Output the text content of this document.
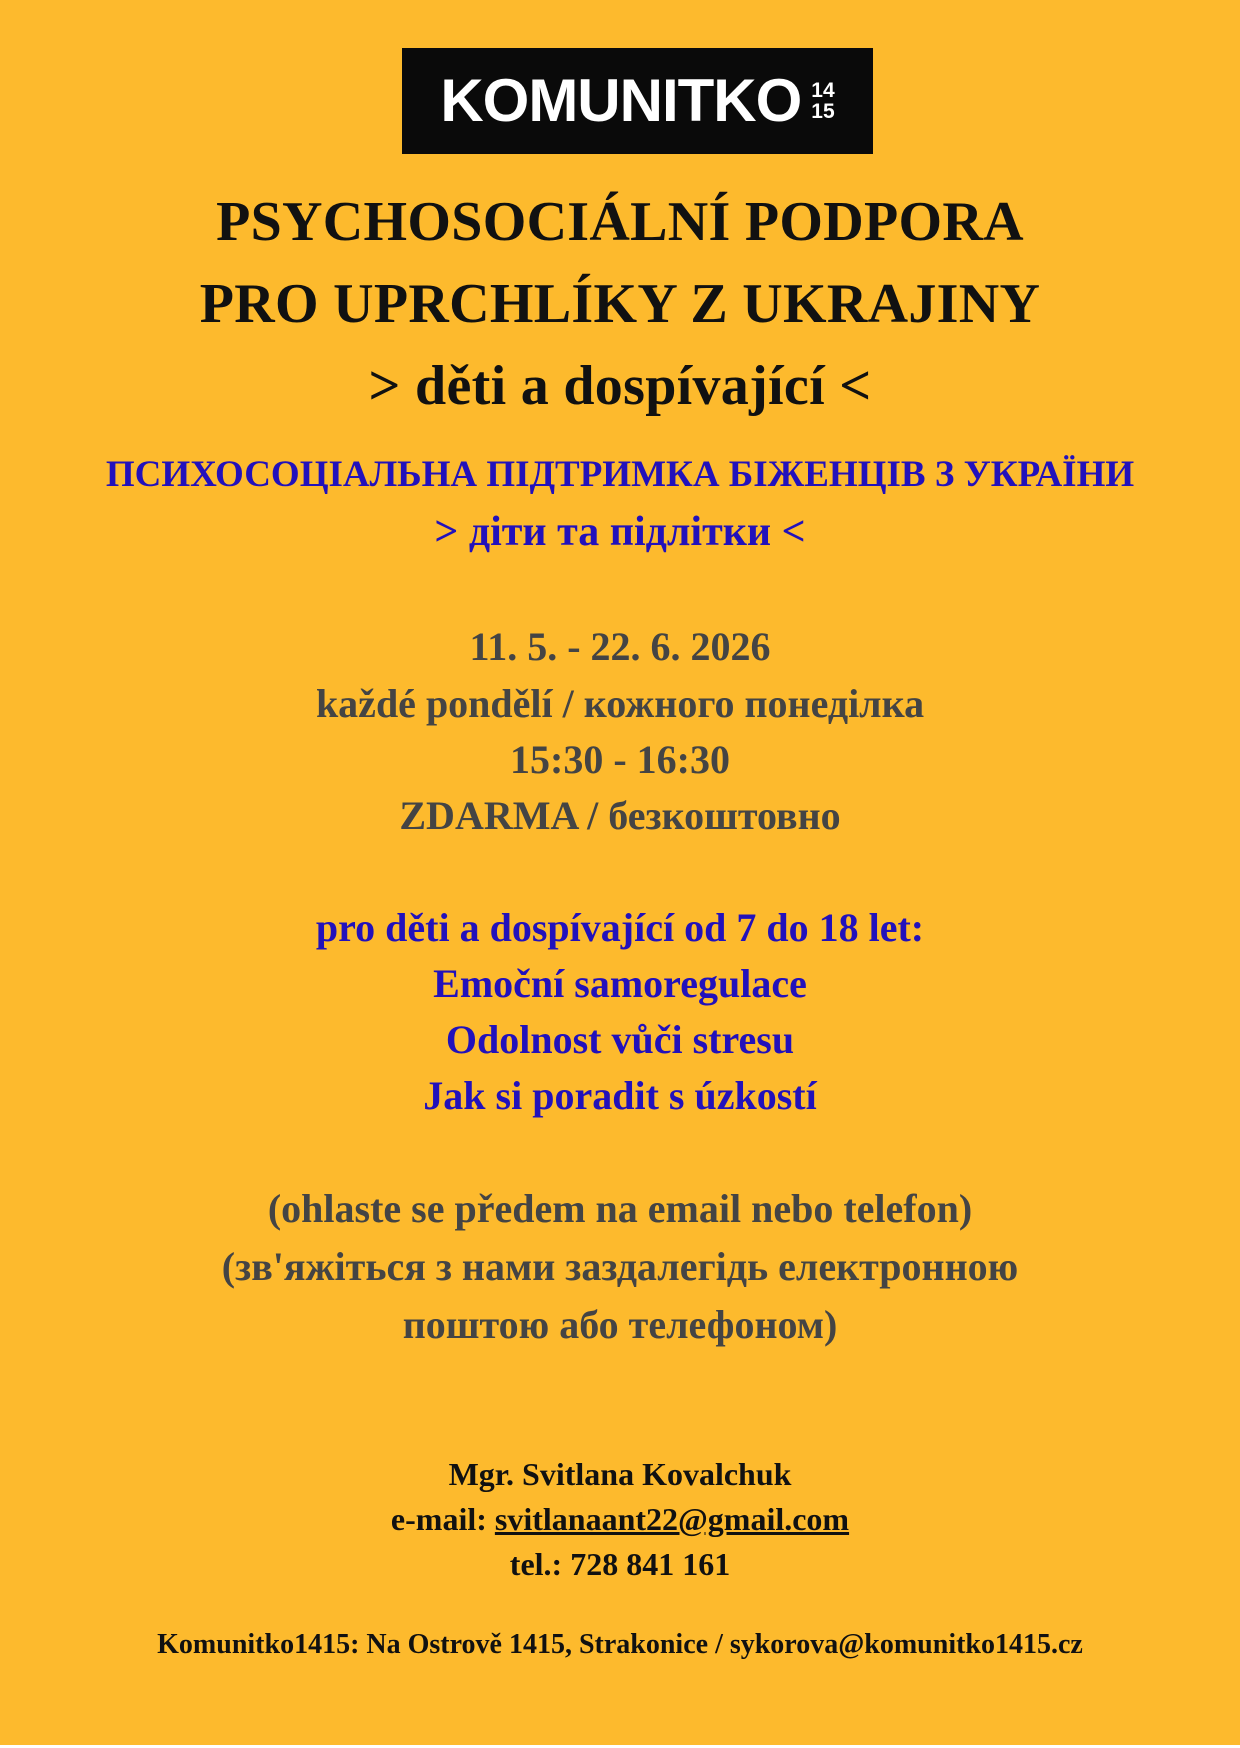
KOMUNITKO 14
15
PSYCHOSOCIÁLNÍ PODPORA
PRO UPRCHLÍKY Z UKRAJINY
> děti a dospívající <
ПСИХОСОЦІАЛЬНА ПІДТРИМКА БІЖЕНЦІВ З УКРАЇНИ
> діти та підлітки <
11. 5. - 22. 6. 2026
každé pondělí / кожного понеділка
15:30 - 16:30
ZDARMA / безкоштовно
pro děti a dospívající od 7 do 18 let:
Emoční samoregulace
Odolnost vůči stresu
Jak si poradit s úzkostí
(ohlaste se předem na email nebo telefon)
(зв'яжіться з нами заздалегідь електронною
поштою або телефоном)
Mgr. Svitlana Kovalchuk
e-mail: svitlanaant22@gmail.com
tel.: 728 841 161
Komunitko1415: Na Ostrově 1415, Strakonice / sykorova@komunitko1415.cz
